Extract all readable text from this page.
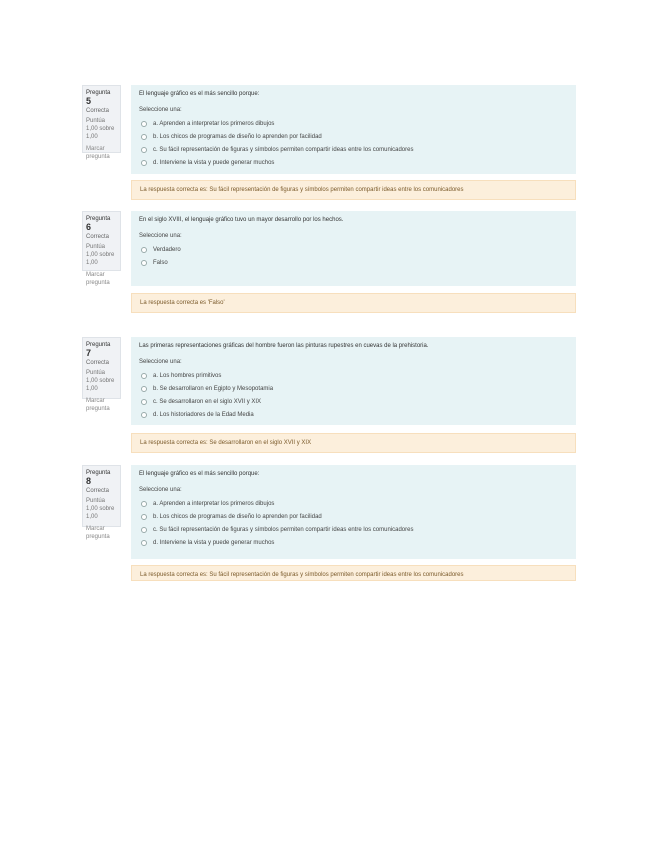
Pregunta 5
Correcta
Puntúa 1,00 sobre 1,00
Marcar pregunta
El lenguaje gráfico es el más sencillo porque:
Seleccione una:
a. Aprenden a interpretar los primeros dibujos
b. Los chicos de programas de diseño lo aprenden por facilidad
c. Su fácil representación de figuras y símbolos permiten compartir ideas entre los comunicadores
d. Interviene la vista y puede generar muchos
La respuesta correcta es: Su fácil representación de figuras y símbolos permiten compartir ideas entre los comunicadores
Pregunta 6
Correcta
Puntúa 1,00 sobre 1,00
Marcar pregunta
En el siglo XVIII, el lenguaje gráfico tuvo un mayor desarrollo por los hechos.
Seleccione una:
Verdadero
Falso
La respuesta correcta es 'Falso'
Pregunta 7
Correcta
Puntúa 1,00 sobre 1,00
Marcar pregunta
Las primeras representaciones gráficas del hombre fueron las pinturas rupestres en cuevas de la prehistoria.
Seleccione una:
a. Los hombres primitivos
b. Se desarrollaron en Egipto y Mesopotamia
c. Se desarrollaron en el siglo XVII y XIX
d. Los historiadores de la Edad Media
La respuesta correcta es: Se desarrollaron en el siglo XVII y XIX
Pregunta 8
Correcta
Puntúa 1,00 sobre 1,00
Marcar pregunta
El lenguaje gráfico es el más sencillo porque:
Seleccione una:
a. Aprenden a interpretar los primeros dibujos
b. Los chicos de programas de diseño lo aprenden por facilidad
c. Su fácil representación de figuras y símbolos permiten compartir ideas entre los comunicadores
d. Interviene la vista y puede generar muchos
La respuesta correcta es: Su fácil representación de figuras y símbolos permiten compartir ideas entre los comunicadores
